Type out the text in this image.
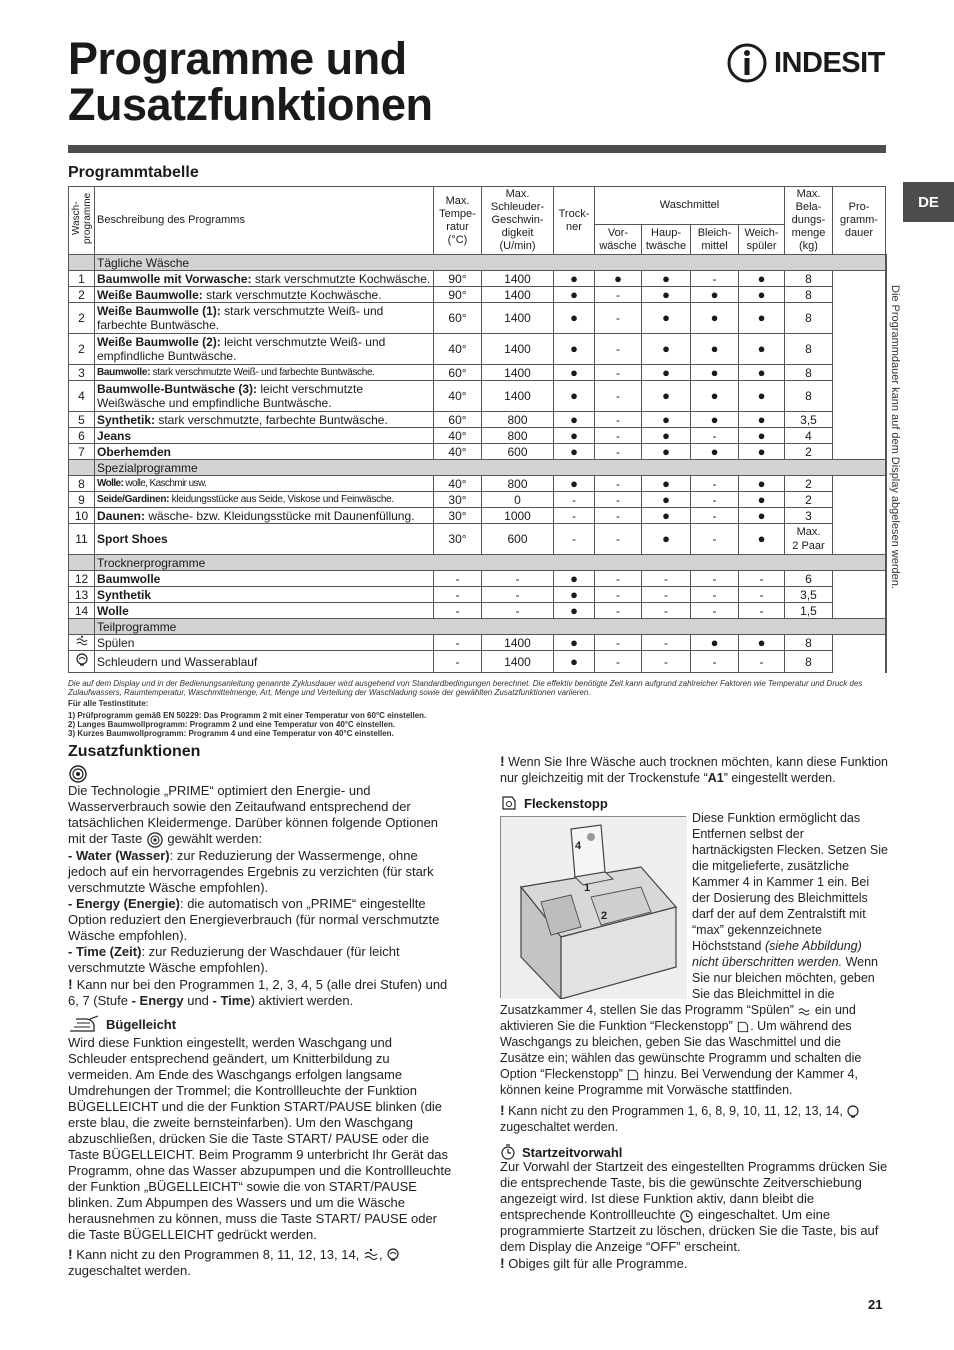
Programme und
Zusatzfunktionen
INDESIT
DE
Programmtabelle
Wasch-programme	Beschreibung des Programms	Max. Tempe-ratur (°C)	Max. Schleuder-Geschwin-digkeit (U/min)	Trock-ner	Waschmittel				Max. Bela-dungs-menge (kg)	Pro-gramm-dauer	
					Vor-wäsche	Haup-twäsche	Bleich-mittel	Weich-spüler			
	Tägliche Wäsche										Die Programmdauer kann auf dem Display abgelesen werden.
1	Baumwolle mit Vorwasche: stark verschmutzte Kochwäsche.	90°	1400	●	●	●	-	●	8		

2	Weiße Baumwolle: stark verschmutzte Kochwäsche.	90°	1400	●	-	●	●	●	8		

2	Weiße Baumwolle (1): stark verschmutzte Weiß- und farbechte Buntwäsche.	60°	1400	●	-	●	●	●	8		

2	Weiße Baumwolle (2): leicht verschmutzte Weiß- und empfindliche Buntwäsche.	40°	1400	●	-	●	●	●	8		

3	Baumwolle: stark verschmutzte Weiß- und farbechte Buntwäsche.	60°	1400	●	-	●	●	●	8		

4	Baumwolle-Buntwäsche (3): leicht verschmutzte Weißwäsche und empfindliche Buntwäsche.	40°	1400	●	-	●	●	●	8		

5	Synthetik: stark verschmutzte, farbechte Buntwäsche.	60°	800	●	-	●	●	●	3,5		

6	Jeans	40°	800	●	-	●	-	●	4		

7	Oberhemden	40°	600	●	-	●	●	●	2		

	Spezialprogramme										
8	Wolle: wolle, Kaschmir usw.	40°	800	●	-	●	-	●	2		

9	Seide/Gardinen: kleidungsstücke aus Seide, Viskose und Feinwäsche.	30°	0	-	-	●	-	●	2		

10	Daunen: wäsche- bzw. Kleidungsstücke mit Daunenfüllung.	30°	1000	-	-	●	-	●	3		

11	Sport Shoes	30°	600	-	-	●	-	●	Max.
2 Paar		

	Trocknerprogramme										
12	Baumwolle	-	-	●	-	-	-	-	6		

13	Synthetik	-	-	●	-	-	-	-	3,5		

14	Wolle	-	-	●	-	-	-	-	1,5		

	Teilprogramme										
	Spülen	-	1400	●	-	-	●	●	8		

	Schleudern und Wasserablauf	-	1400	●	-	-	-	-	8		
Die auf dem Display und in der Bedienungsanleitung genannte Zyklusdauer wird ausgehend von Standardbedingungen berechnet. Die effektiv benötigte Zeit kann aufgrund zahlreicher Faktoren wie Temperatur und Druck des Zulaufwassers, Raumtemperatur, Waschmittelmenge, Art, Menge und Verteilung der Waschladung sowie der gewählten Zusatzfunktionen variieren.
Für alle Testinstitute:
1) Prüfprogramm gemäß EN 50229: Das Programm 2 mit einer Temperatur von 60°C einstellen.
2) Langes Baumwollprogramm: Programm 2 und eine Temperatur von 40°C einstellen.
3) Kurzes Baumwollprogramm: Programm 4 und eine Temperatur von 40°C einstellen.
Zusatzfunktionen

Die Technologie „PRIME“ optimiert den Energie- und Wasserverbrauch sowie den Zeitaufwand entsprechend der tatsächlichen Kleidermenge. Darüber können folgende Optionen mit der Taste  gewählt werden:

- Water (Wasser): zur Reduzierung der Wassermenge, ohne jedoch auf ein hervorragendes Ergebnis zu verzichten (für stark verschmutzte Wäsche empfohlen).

- Energy (Energie): die automatisch von „PRIME“ eingestellte Option reduziert den Energieverbrauch (für normal verschmutzte Wäsche empfohlen).

- Time (Zeit): zur Reduzierung der Waschdauer (für leicht verschmutzte Wäsche empfohlen).

! Kann nur bei den Programmen 1, 2, 3, 4, 5 (alle drei Stufen) und 6, 7 (Stufe - Energy und - Time) aktiviert werden.

Bügelleicht

Wird diese Funktion eingestellt, werden Waschgang und Schleuder entsprechend geändert, um Knitterbildung zu vermeiden. Am Ende des Waschgangs erfolgen langsame Umdrehungen der Trommel; die Kontrollleuchte der Funktion BÜGELLEICHT und die der Funktion START/PAUSE blinken (die erste blau, die zweite bernsteinfarben). Um den Waschgang abzuschließen, drücken Sie die Taste START/ PAUSE oder die Taste BÜGELLEICHT. Beim Programm 9 unterbricht Ihr Gerät das Programm, ohne das Wasser abzupumpen und die Kontrollleuchte der Funktion „BÜGELLEICHT“ sowie die von START/PAUSE blinken. Zum Abpumpen des Wassers und um die Wäsche herausnehmen zu können, muss die Taste START/ PAUSE oder die Taste BÜGELLEICHT gedrückt werden.

! Kann nicht zu den Programmen 8, 11, 12, 13, 14, ,
zugeschaltet werden.

! Wenn Sie Ihre Wäsche auch trocknen möchten, kann diese Funktion nur gleichzeitig mit der Trockenstufe “A1” eingestellt werden.

Fleckenstopp
4
1
2

Diese Funktion ermöglicht das Entfernen selbst der hartnäckigsten Flecken. Setzen Sie die mitgelieferte, zusätzliche Kammer 4 in Kammer 1 ein. Bei der Dosierung des Bleichmittels darf der auf dem Zentralstift mit “max” gekennzeichnete Höchststand (siehe Abbildung) nicht überschritten werden. Wenn Sie nur bleichen möchten, geben Sie das Bleichmittel in die

Zusatzkammer 4, stellen Sie das Programm “Spülen”  ein und aktivieren Sie die Funktion “Fleckenstopp” . Um während des Waschgangs zu bleichen, geben Sie das Waschmittel und die Zusätze ein; wählen das gewünschte Programm und schalten die Option “Fleckenstopp”  hinzu. Bei Verwendung der Kammer 4, können keine Programme mit Vorwäsche stattfinden.

! Kann nicht zu den Programmen 1, 6, 8, 9, 10, 11, 12, 13, 14,
zugeschaltet werden.

Startzeitvorwahl

Zur Vorwahl der Startzeit des eingestellten Programms drücken Sie die entsprechende Taste, bis die gewünschte Zeitverschiebung angezeigt wird. Ist diese Funktion aktiv, dann bleibt die entsprechende Kontrollleuchte  eingeschaltet. Um eine programmierte Startzeit zu löschen, drücken Sie die Taste, bis auf dem Display die Anzeige “OFF” erscheint.

! Obiges gilt für alle Programme.

21
